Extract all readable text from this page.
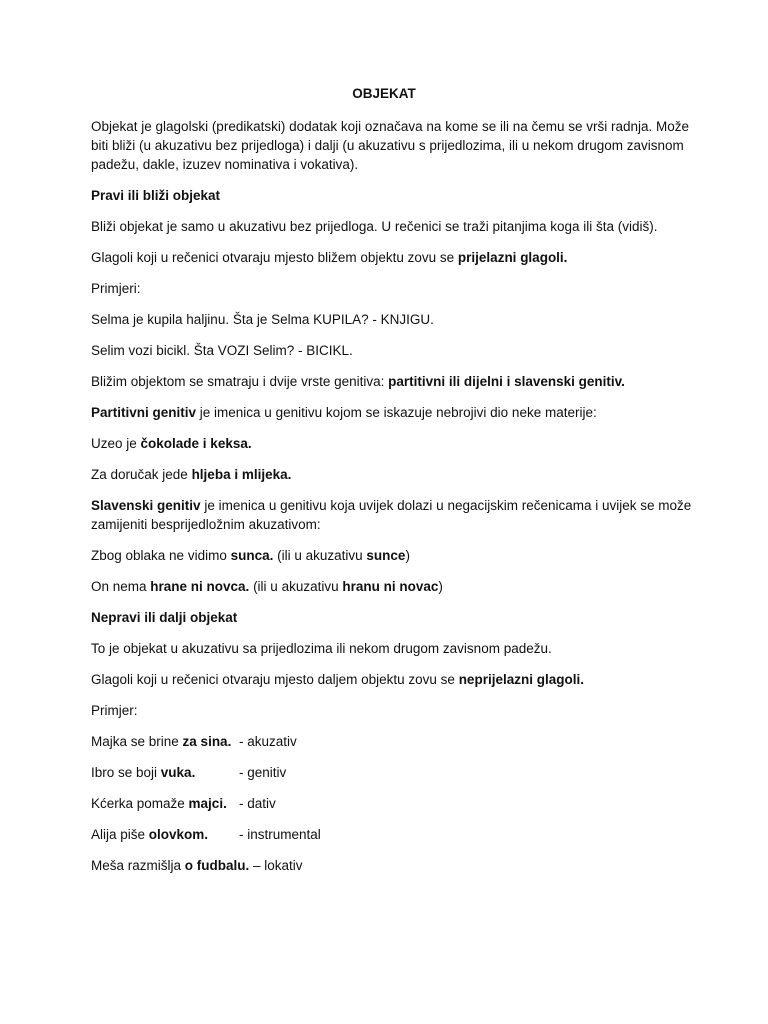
OBJEKAT
Objekat je glagolski (predikatski) dodatak koji označava na kome se ili na čemu se vrši radnja. Može
biti bliži (u akuzativu bez prijedloga) i dalji (u akuzativu s prijedlozima, ili u nekom drugom zavisnom
padežu, dakle, izuzev nominativa i vokativa).
Pravi ili bliži objekat
Bliži objekat je samo u akuzativu bez prijedloga. U rečenici se traži pitanjima koga ili šta (vidiš).
Glagoli koji u rečenici otvaraju mjesto bližem objektu zovu se prijelazni glagoli.
Primjeri:
Selma je kupila haljinu. Šta je Selma KUPILA? - KNJIGU.
Selim vozi bicikl. Šta VOZI Selim? - BICIKL.
Bližim objektom se smatraju i dvije vrste genitiva: partitivni ili dijelni i slavenski genitiv.
Partitivni genitiv je imenica u genitivu kojom se iskazuje nebrojivi dio neke materije:
Uzeo je čokolade i keksa.
Za doručak jede hljeba i mlijeka.
Slavenski genitiv je imenica u genitivu koja uvijek dolazi u negacijskim rečenicama i uvijek se može
zamijeniti besprijedložnim akuzativom:
Zbog oblaka ne vidimo sunca. (ili u akuzativu sunce)
On nema hrane ni novca. (ili u akuzativu hranu ni novac)
Nepravi ili dalji objekat
To je objekat u akuzativu sa prijedlozima ili nekom drugom zavisnom padežu.
Glagoli koji u rečenici otvaraju mjesto daljem objektu zovu se neprijelazni glagoli.
Primjer:
Majka se brine za sina. - akuzativ
Ibro se boji vuka.	- genitiv
Kćerka pomaže majci. - dativ
Alija piše olovkom. - instrumental
Meša razmišlja o fudbalu. – lokativ
